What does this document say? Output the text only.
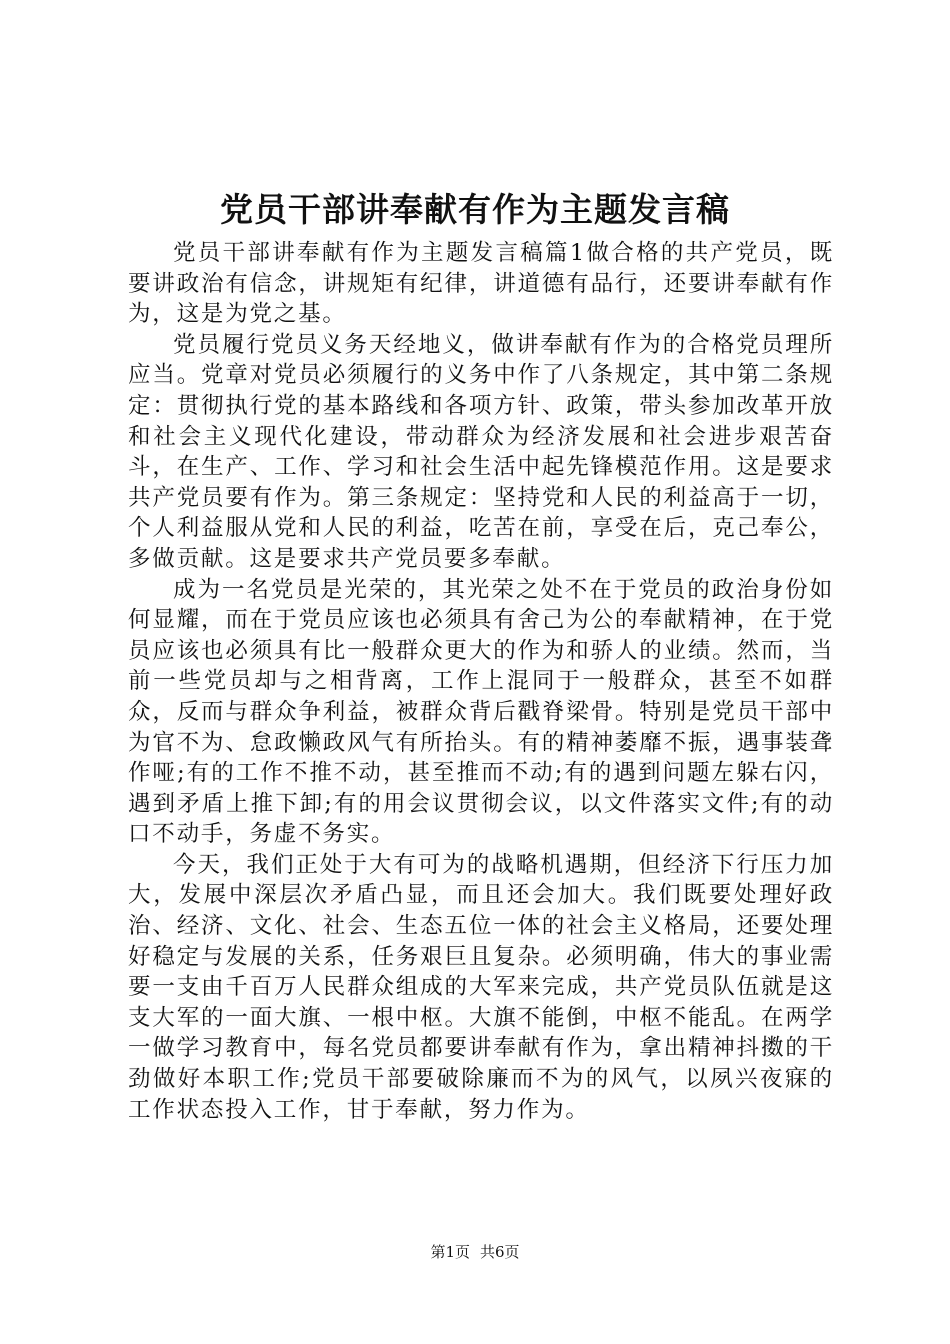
党员干部讲奉献有作为主题发言稿

党员干部讲奉献有作为主题发言稿篇1做合格的共产党员，既要讲政治有信念，讲规矩有纪律，讲道德有品行，还要讲奉献有作为，这是为党之基。

党员履行党员义务天经地义，做讲奉献有作为的合格党员理所应当。党章对党员必须履行的义务中作了八条规定，其中第二条规定：贯彻执行党的基本路线和各项方针、政策，带头参加改革开放和社会主义现代化建设，带动群众为经济发展和社会进步艰苦奋斗，在生产、工作、学习和社会生活中起先锋模范作用。这是要求共产党员要有作为。第三条规定：坚持党和人民的利益高于一切，个人利益服从党和人民的利益，吃苦在前，享受在后，克己奉公，多做贡献。这是要求共产党员要多奉献。

成为一名党员是光荣的，其光荣之处不在于党员的政治身份如何显耀，而在于党员应该也必须具有舍己为公的奉献精神，在于党员应该也必须具有比一般群众更大的作为和骄人的业绩。然而，当前一些党员却与之相背离，工作上混同于一般群众，甚至不如群众，反而与群众争利益，被群众背后戳脊梁骨。特别是党员干部中为官不为、怠政懒政风气有所抬头。有的精神萎靡不振，遇事装聋作哑;有的工作不推不动，甚至推而不动;有的遇到问题左躲右闪，遇到矛盾上推下卸;有的用会议贯彻会议，以文件落实文件;有的动口不动手，务虚不务实。

今天，我们正处于大有可为的战略机遇期，但经济下行压力加大，发展中深层次矛盾凸显，而且还会加大。我们既要处理好政治、经济、文化、社会、生态五位一体的社会主义格局，还要处理好稳定与发展的关系，任务艰巨且复杂。必须明确，伟大的事业需要一支由千百万人民群众组成的大军来完成，共产党员队伍就是这支大军的一面大旗、一根中枢。大旗不能倒，中枢不能乱。在两学一做学习教育中，每名党员都要讲奉献有作为，拿出精神抖擞的干劲做好本职工作;党员干部要破除廉而不为的风气，以夙兴夜寐的工作状态投入工作，甘于奉献，努力作为。

第1页 共6页
